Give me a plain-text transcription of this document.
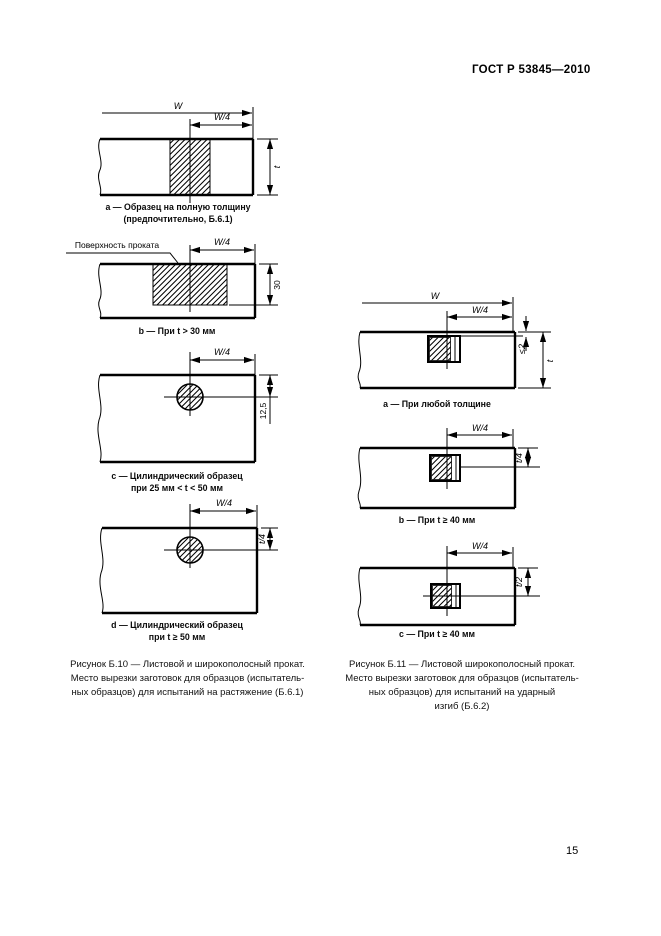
ГОСТ Р 53845—2010
W
W/4
t
a — Образец на полную толщину
(предпочтительно, Б.6.1)
Поверхность проката	W/4
30
b — При t > 30 мм
W/4
12,5
c — Цилиндрический образец
при 25 мм < t < 50 мм
W/4
t/4
d — Цилиндрический образец
при t ≥ 50 мм
W
W/4
≤2
t
a — При любой толщине
W/4
t/4
b — При t ≥ 40 мм
W/4
t/2
c — При t ≥ 40 мм
Рисунок Б.10 — Листовой и широкополосный прокат.
Место вырезки заготовок для образцов (испытатель-
ных образцов) для испытаний на растяжение (Б.6.1)
Рисунок Б.11 — Листовой широкополосный прокат.
Место вырезки заготовок для образцов (испытатель-
ных образцов) для испытаний на ударный
изгиб (Б.6.2)
15
